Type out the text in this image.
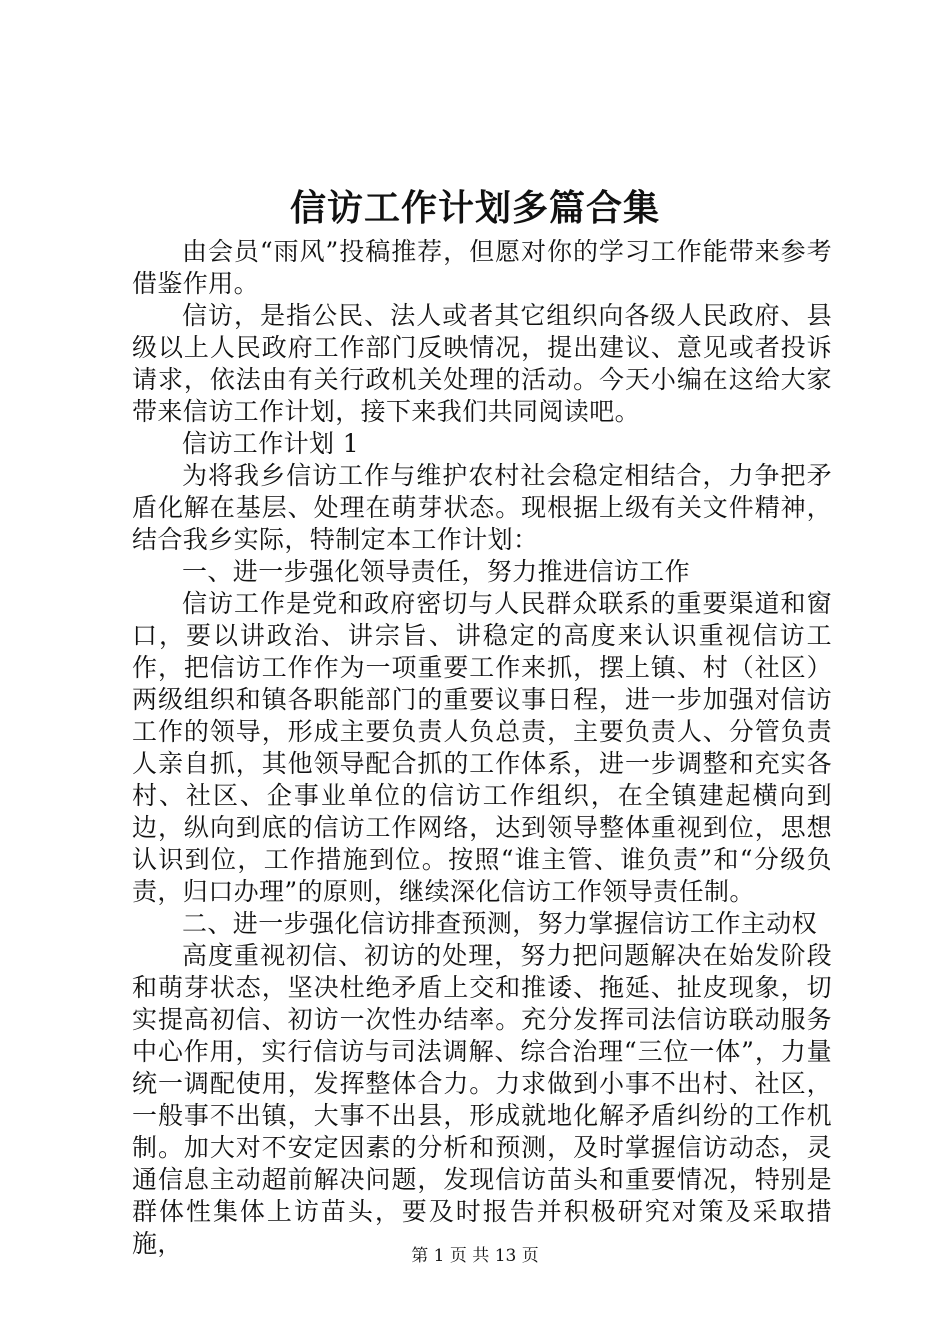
信访工作计划多篇合集

由会员“雨风”投稿推荐，但愿对你的学习工作能带来参考借鉴作用。

信访，是指公民、法人或者其它组织向各级人民政府、县级以上人民政府工作部门反映情况，提出建议、意见或者投诉请求，依法由有关行政机关处理的活动。今天小编在这给大家带来信访工作计划，接下来我们共同阅读吧。

信访工作计划 1

为将我乡信访工作与维护农村社会稳定相结合，力争把矛盾化解在基层、处理在萌芽状态。现根据上级有关文件精神，结合我乡实际，特制定本工作计划：

一、进一步强化领导责任，努力推进信访工作

信访工作是党和政府密切与人民群众联系的重要渠道和窗口，要以讲政治、讲宗旨、讲稳定的高度来认识重视信访工作，把信访工作作为一项重要工作来抓，摆上镇、村（社区）两级组织和镇各职能部门的重要议事日程，进一步加强对信访工作的领导，形成主要负责人负总责，主要负责人、分管负责人亲自抓，其他领导配合抓的工作体系，进一步调整和充实各村、社区、企事业单位的信访工作组织，在全镇建起横向到边，纵向到底的信访工作网络，达到领导整体重视到位，思想认识到位，工作措施到位。按照“谁主管、谁负责”和“分级负责，归口办理”的原则，继续深化信访工作领导责任制。

二、进一步强化信访排查预测，努力掌握信访工作主动权

高度重视初信、初访的处理，努力把问题解决在始发阶段和萌芽状态，坚决杜绝矛盾上交和推诿、拖延、扯皮现象，切实提高初信、初访一次性办结率。充分发挥司法信访联动服务中心作用，实行信访与司法调解、综合治理“三位一体”，力量统一调配使用，发挥整体合力。力求做到小事不出村、社区，一般事不出镇，大事不出县，形成就地化解矛盾纠纷的工作机制。加大对不安定因素的分析和预测，及时掌握信访动态，灵通信息主动超前解决问题，发现信访苗头和重要情况，特别是群体性集体上访苗头，要及时报告并积极研究对策及采取措施，	第 1 页 共 13 页
